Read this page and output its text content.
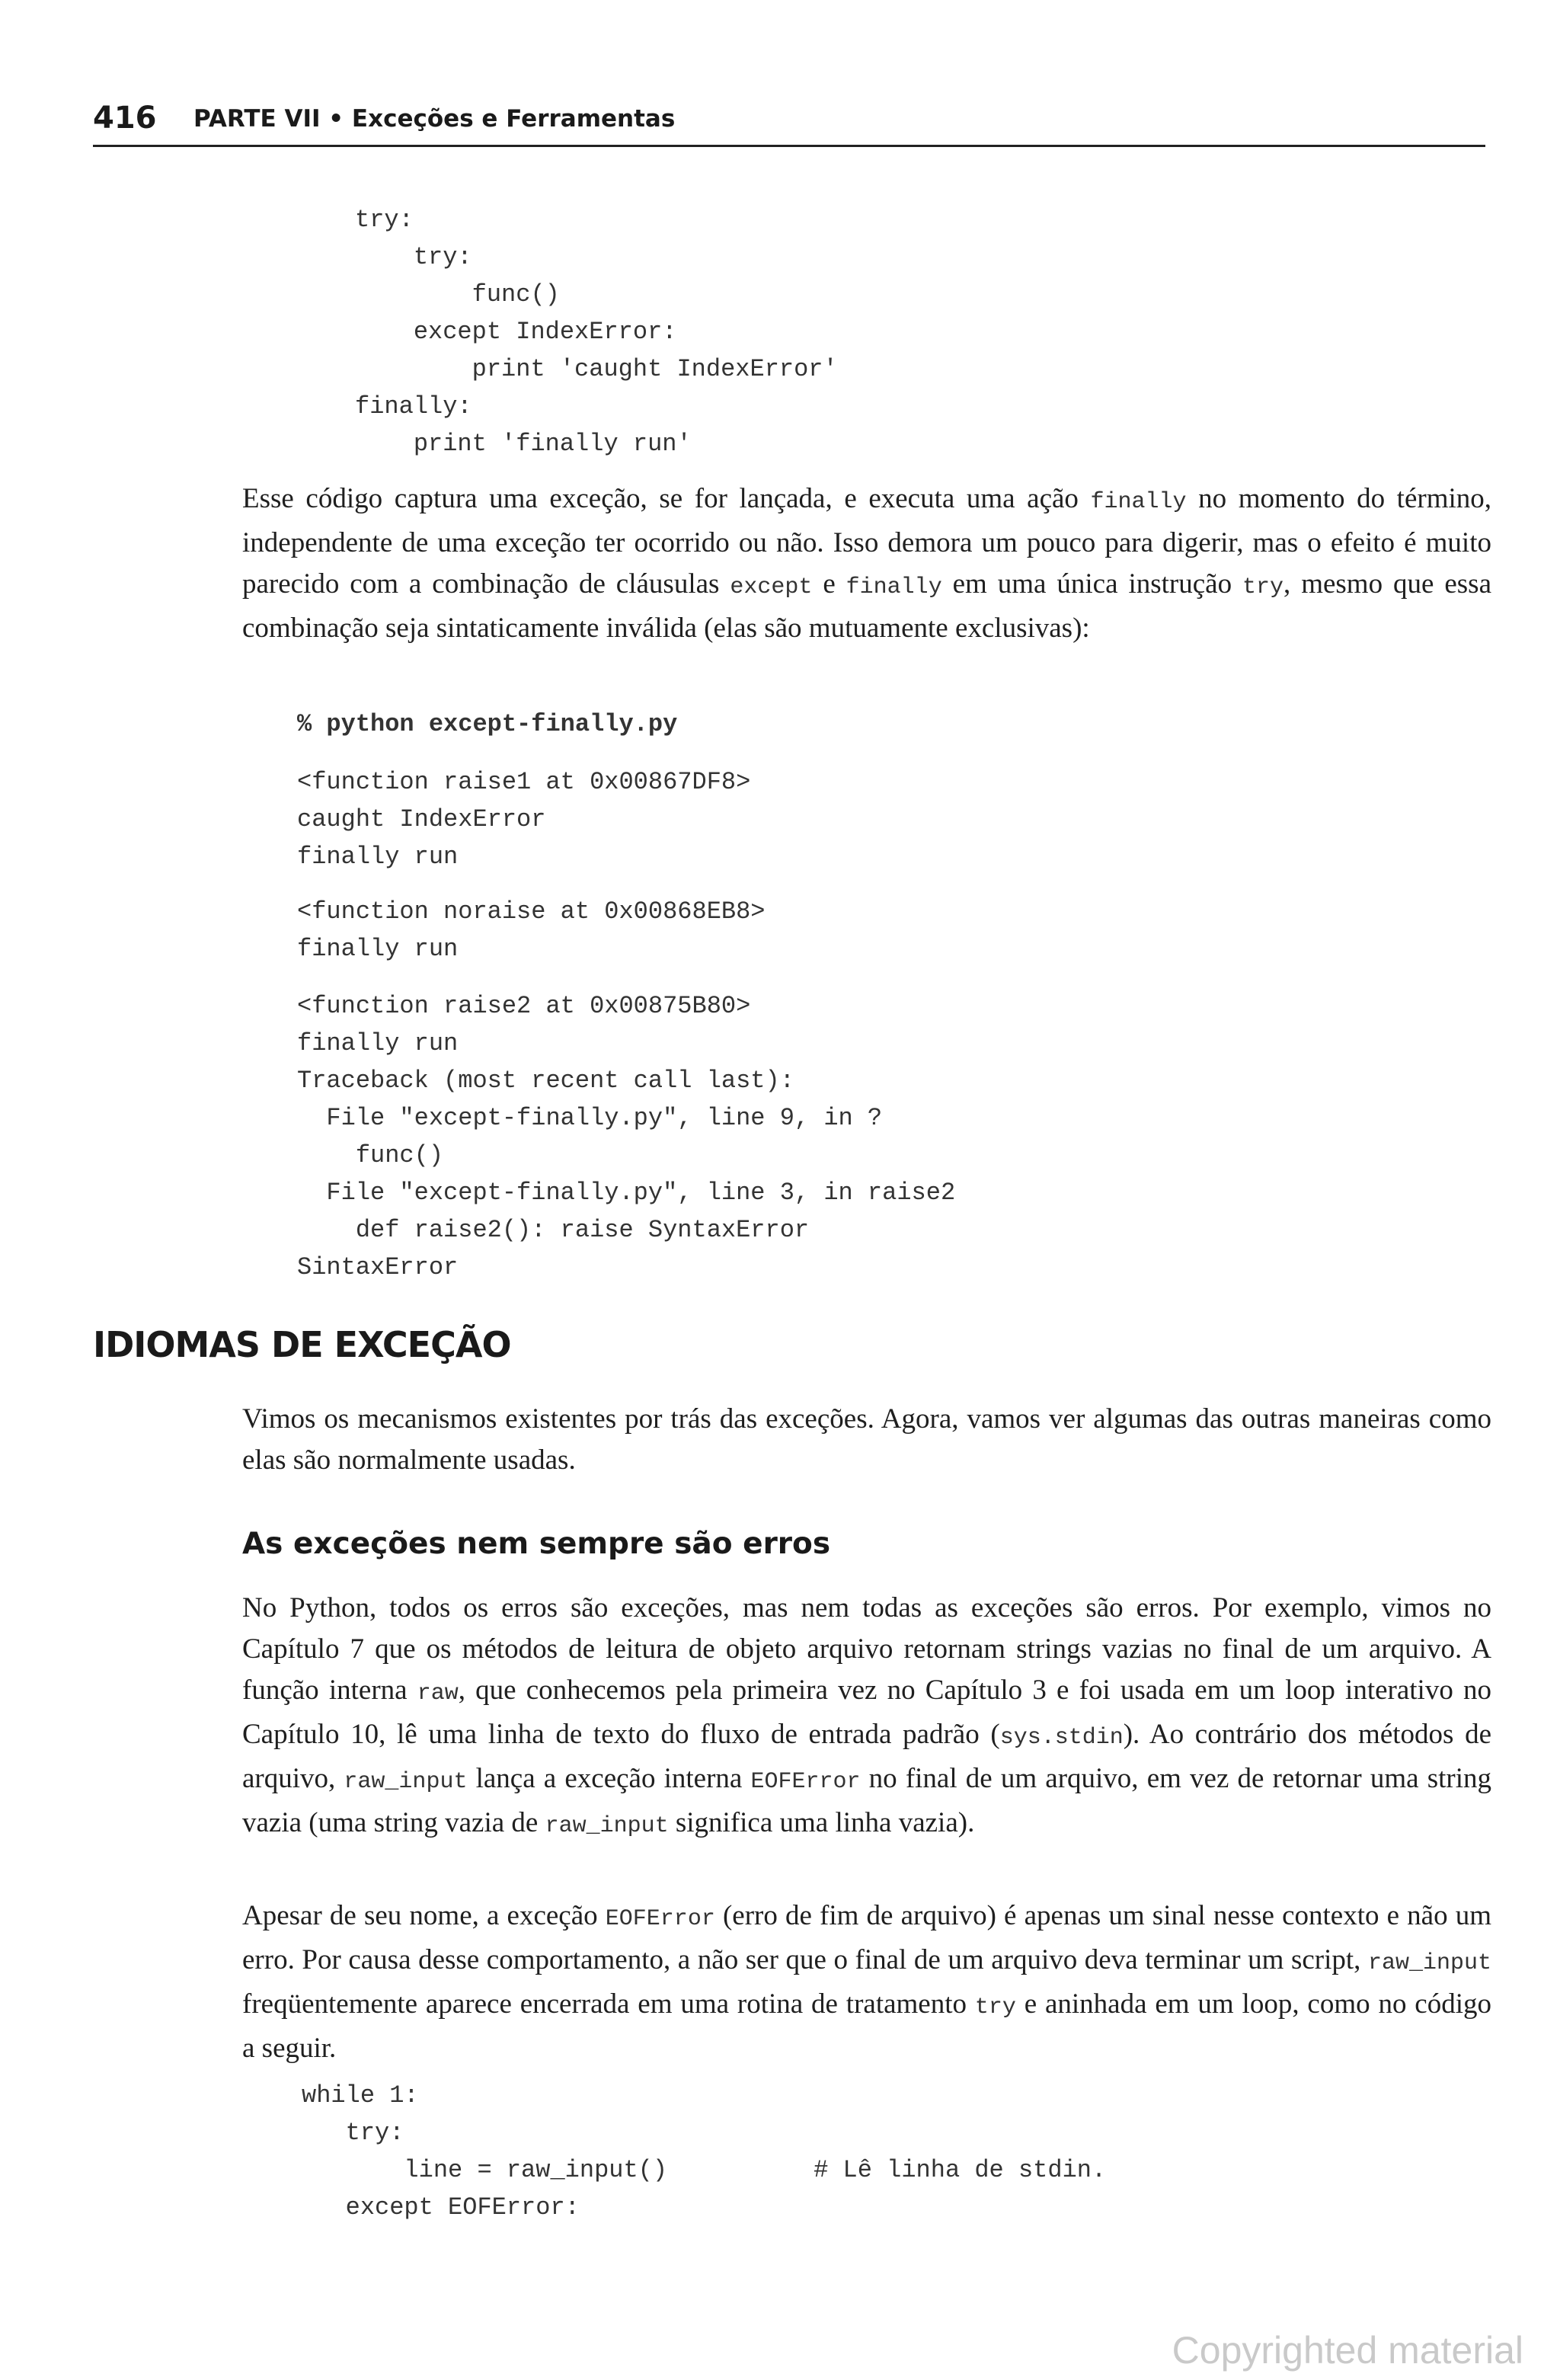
416 PARTE VII • Exceções e Ferramentas
try:
try:
func()
except IndexError:
print 'caught IndexError'
finally:
print 'finally run'

Esse código captura uma exceção, se for lançada, e executa uma ação finally no momento do término, independente de uma exceção ter ocorrido ou não. Isso demora um pouco para digerir, mas o efeito é muito parecido com a combinação de cláusulas except e finally em uma única instrução try, mesmo que essa combinação seja sintaticamente inválida (elas são mutuamente exclusivas):

% python except-finally.py
<function raise1 at 0x00867DF8>
caught IndexError
finally run
<function noraise at 0x00868EB8>
finally run
<function raise2 at 0x00875B80>
finally run
Traceback (most recent call last):
File "except-finally.py", line 9, in ?
func()
File "except-finally.py", line 3, in raise2
def raise2(): raise SyntaxError
SintaxError
IDIOMAS DE EXCEÇÃO

Vimos os mecanismos existentes por trás das exceções. Agora, vamos ver algumas das outras maneiras como elas são normalmente usadas.

As exceções nem sempre são erros

No Python, todos os erros são exceções, mas nem todas as exceções são erros. Por exemplo, vimos no Capítulo 7 que os métodos de leitura de objeto arquivo retornam strings vazias no final de um arquivo. A função interna raw, que conhecemos pela primeira vez no Capítulo 3 e foi usada em um loop interativo no Capítulo 10, lê uma linha de texto do fluxo de entrada padrão (sys.stdin). Ao contrário dos métodos de arquivo, raw_input lança a exceção interna EOFError no final de um arquivo, em vez de retornar uma string vazia (uma string vazia de raw_input significa uma linha vazia).

Apesar de seu nome, a exceção EOFError (erro de fim de arquivo) é apenas um sinal nesse contexto e não um erro. Por causa desse comportamento, a não ser que o final de um arquivo deva terminar um script, raw_input freqüentemente aparece encerrada em uma rotina de tratamento try e aninhada em um loop, como no código a seguir.

while 1:
try:
line = raw_input()          # Lê linha de stdin.
except EOFError:
Copyrighted material
